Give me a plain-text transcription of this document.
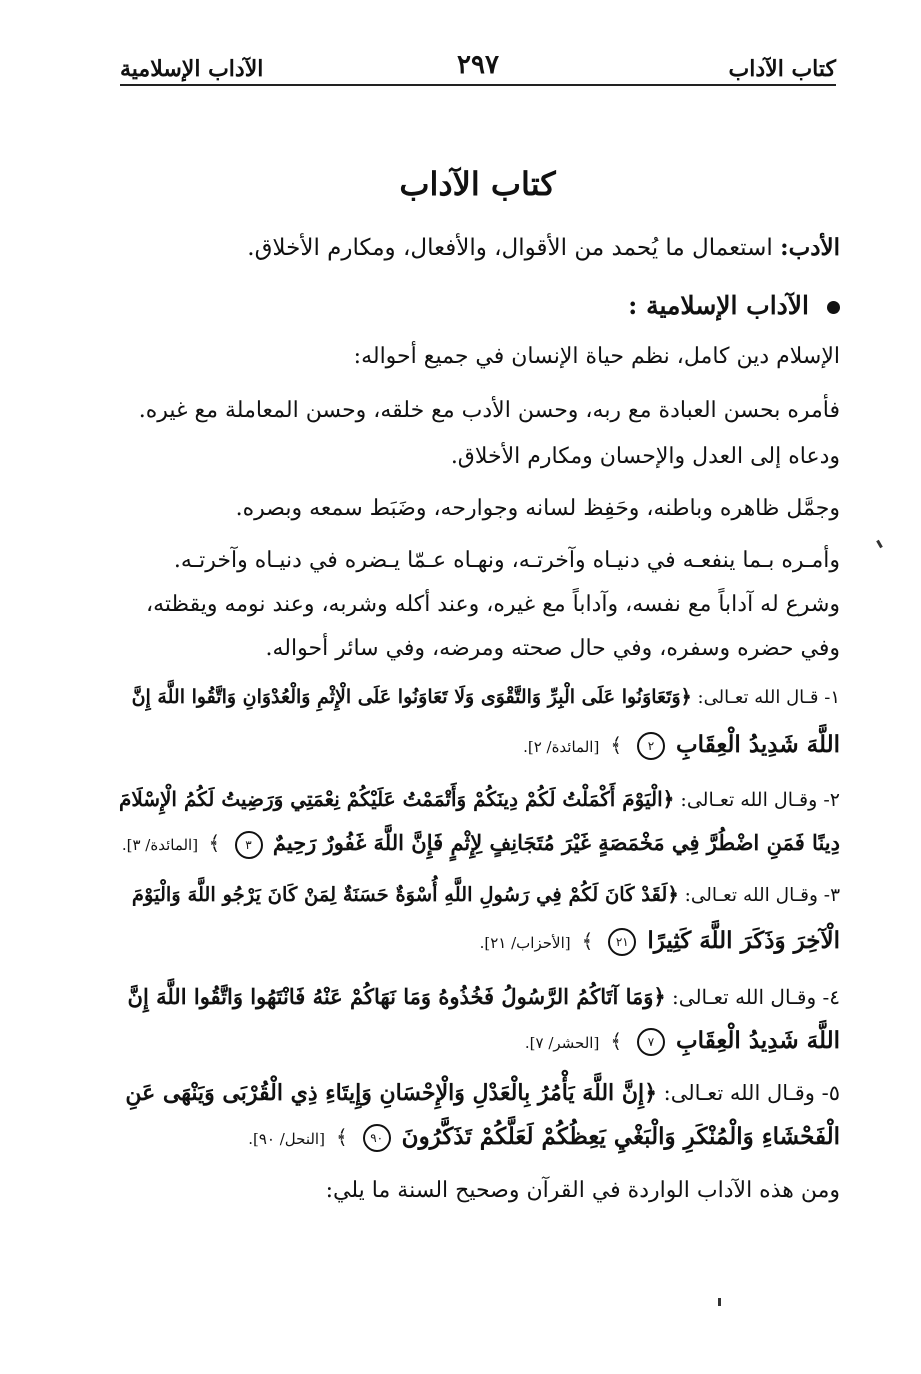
كتاب الآداب
٢٩٧
الآداب الإسلامية
كتاب الآداب
الأدب: استعمال ما يُحمد من الأقوال، والأفعال، ومكارم الأخلاق.
الآداب الإسلامية :
الإسلام دين كامل، نظم حياة الإنسان في جميع أحواله:
فأمره بحسن العبادة مع ربه، وحسن الأدب مع خلقه، وحسن المعاملة مع غيره.
ودعاه إلى العدل والإحسان ومكارم الأخلاق.
وجمَّل ظاهره وباطنه، وحَفِظ لسانه وجوارحه، وضَبَط سمعه وبصره.
وأمـره بـما ينفعـه في دنيـاه وآخرتـه، ونهـاه عـمّا يـضره في دنيـاه وآخرتـه.
وشرع له آداباً مع نفسه، وآداباً مع غيره، وعند أكله وشربه، وعند نومه ويقظته،
وفي حضره وسفره، وفي حال صحته ومرضه، وفي سائر أحواله.
١- قـال الله تعـالى: ﴿وَتَعَاوَنُوا عَلَى الْبِرِّ وَالتَّقْوَى وَلَا تَعَاوَنُوا عَلَى الْإِثْمِ وَالْعُدْوَانِ وَاتَّقُوا اللَّهَ إِنَّ
اللَّهَ شَدِيدُ الْعِقَابِ ٢ ﴾ [المائدة/ ٢].
٢- وقـال الله تعـالى: ﴿الْيَوْمَ أَكْمَلْتُ لَكُمْ دِينَكُمْ وَأَتْمَمْتُ عَلَيْكُمْ نِعْمَتِي وَرَضِيتُ لَكُمُ الْإِسْلَامَ
دِينًا فَمَنِ اضْطُرَّ فِي مَخْمَصَةٍ غَيْرَ مُتَجَانِفٍ لِإِثْمٍ فَإِنَّ اللَّهَ غَفُورٌ رَحِيمٌ ٣ ﴾ [المائدة/ ٣].
٣- وقـال الله تعـالى: ﴿لَقَدْ كَانَ لَكُمْ فِي رَسُولِ اللَّهِ أُسْوَةٌ حَسَنَةٌ لِمَنْ كَانَ يَرْجُو اللَّهَ وَالْيَوْمَ
الْآخِرَ وَذَكَرَ اللَّهَ كَثِيرًا ٢١ ﴾ [الأحزاب/ ٢١].
٤- وقـال الله تعـالى: ﴿وَمَا آتَاكُمُ الرَّسُولُ فَخُذُوهُ وَمَا نَهَاكُمْ عَنْهُ فَانْتَهُوا وَاتَّقُوا اللَّهَ إِنَّ
اللَّهَ شَدِيدُ الْعِقَابِ ٧ ﴾ [الحشر/ ٧].
٥- وقـال الله تعـالى: ﴿إِنَّ اللَّهَ يَأْمُرُ بِالْعَدْلِ وَالْإِحْسَانِ وَإِيتَاءِ ذِي الْقُرْبَى وَيَنْهَى عَنِ
الْفَحْشَاءِ وَالْمُنْكَرِ وَالْبَغْيِ يَعِظُكُمْ لَعَلَّكُمْ تَذَكَّرُونَ ٩٠ ﴾ [النحل/ ٩٠].
ومن هذه الآداب الواردة في القرآن وصحيح السنة ما يلي:
